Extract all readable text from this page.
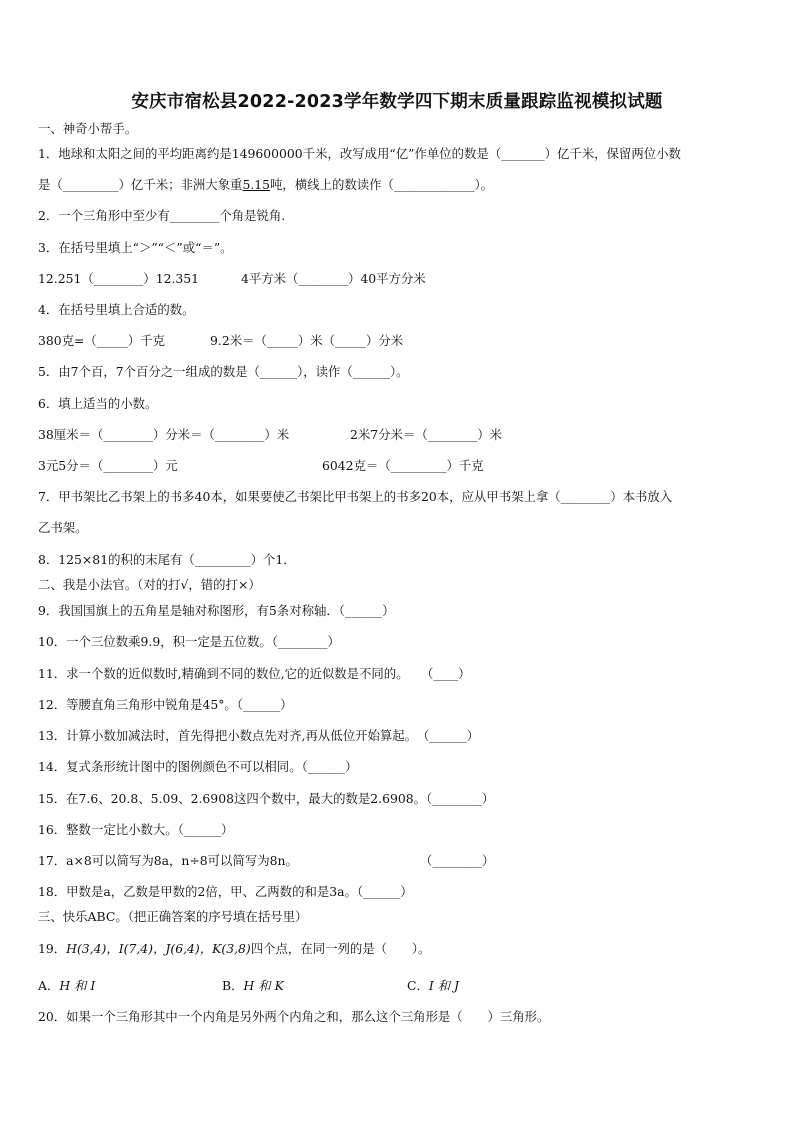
安庆市宿松县2022-2023学年数学四下期末质量跟踪监视模拟试题
一、神奇小帮手。
1．地球和太阳之间的平均距离约是149600000千米，改写成用“亿”作单位的数是（_______）亿千米，保留两位小数
是（_________）亿千米；非洲大象重5.15吨，横线上的数读作（_____________）。
2．一个三角形中至少有________个角是锐角.
3．在括号里填上“＞”“＜”或“＝”。
12.251（________）12.351	4平方米（________）40平方分米
4．在括号里填上合适的数。
380克=（_____）千克	9.2米＝（_____）米（_____）分米
5．由7个百，7个百分之一组成的数是（______），读作（______）。
6．填上适当的小数。
38厘米＝（________）分米＝（________）米	2米7分米＝（________）米
3元5分＝（________）元	6042克＝（_________）千克
7．甲书架比乙书架上的书多40本，如果要使乙书架比甲书架上的书多20本，应从甲书架上拿（________）本书放入
乙书架。
8．125×81的积的末尾有（_________）个1．
二、我是小法官。（对的打√，错的打×）
9．我国国旗上的五角星是轴对称图形，有5条对称轴．（______）
10．一个三位数乘9.9，积一定是五位数。（________）
11．求一个数的近似数时,精确到不同的数位,它的近似数是不同的。　　（____）
12．等腰直角三角形中锐角是45°。（______）
13．计算小数加减法时，首先得把小数点先对齐,再从低位开始算起。　（______）
14．复式条形统计图中的图例颜色不可以相同。（______）
15．在7.6、20.8、5.09、2.6908这四个数中，最大的数是2.6908。（________）
16．整数一定比小数大。（______）
17．a×8可以简写为8a，n÷8可以简写为8n。	（________）
18．甲数是a，乙数是甲数的2倍，甲、乙两数的和是3a。（______）
三、快乐ABC。（把正确答案的序号填在括号里）
19．H(3,4)，I(7,4)，J(6,4)，K(3,8)四个点，在同一列的是（　　）。
A．H 和 I	B．H 和 K	C．I 和 J
20．如果一个三角形其中一个内角是另外两个内角之和，那么这个三角形是（　　）三角形。
